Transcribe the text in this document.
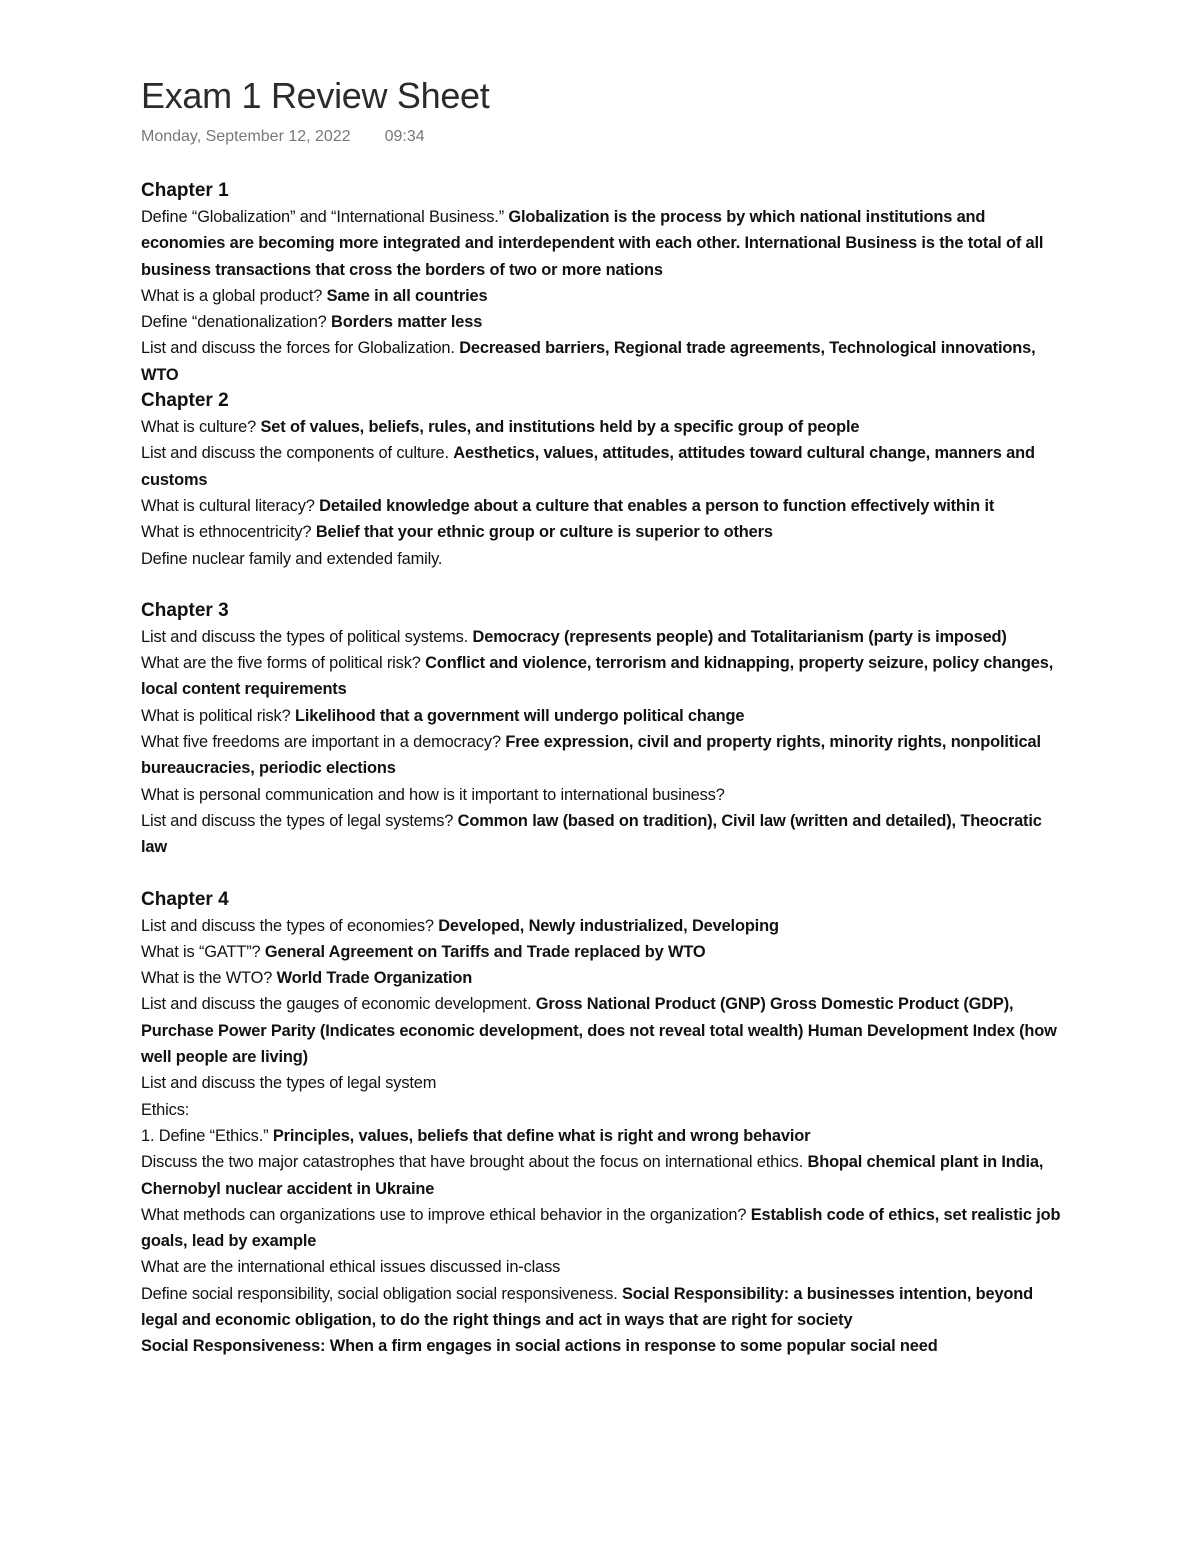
Exam 1 Review Sheet
Monday, September 12, 2022 09:34
Chapter 1

Define “Globalization” and “International Business.” Globalization is the process by which national institutions and economies are becoming more integrated and interdependent with each other. International Business is the total of all business transactions that cross the borders of two or more nations

What is a global product? Same in all countries

Define “denationalization? Borders matter less

List and discuss the forces for Globalization. Decreased barriers, Regional trade agreements, Technological innovations, WTO

Chapter 2

What is culture? Set of values, beliefs, rules, and institutions held by a specific group of people

List and discuss the components of culture. Aesthetics, values, attitudes, attitudes toward cultural change, manners and customs

What is cultural literacy? Detailed knowledge about a culture that enables a person to function effectively within it

What is ethnocentricity? Belief that your ethnic group or culture is superior to others

Define nuclear family and extended family.

Chapter 3

List and discuss the types of political systems. Democracy (represents people) and Totalitarianism (party is imposed)

What are the five forms of political risk? Conflict and violence, terrorism and kidnapping, property seizure, policy changes, local content requirements

What is political risk? Likelihood that a government will undergo political change

What five freedoms are important in a democracy? Free expression, civil and property rights, minority rights, nonpolitical bureaucracies, periodic elections

What is personal communication and how is it important to international business?

List and discuss the types of legal systems? Common law (based on tradition), Civil law (written and detailed), Theocratic law

Chapter 4

List and discuss the types of economies? Developed, Newly industrialized, Developing

What is “GATT”? General Agreement on Tariffs and Trade replaced by WTO

What is the WTO? World Trade Organization

List and discuss the gauges of economic development. Gross National Product (GNP) Gross Domestic Product (GDP), Purchase Power Parity (Indicates economic development, does not reveal total wealth) Human Development Index (how well people are living)

List and discuss the types of legal system

Ethics:

1. Define “Ethics.” Principles, values, beliefs that define what is right and wrong behavior

Discuss the two major catastrophes that have brought about the focus on international ethics. Bhopal chemical plant in India, Chernobyl nuclear accident in Ukraine

What methods can organizations use to improve ethical behavior in the organization? Establish code of ethics, set realistic job goals, lead by example

What are the international ethical issues discussed in-class

Define social responsibility, social obligation social responsiveness. Social Responsibility: a businesses intention, beyond legal and economic obligation, to do the right things and act in ways that are right for society

Social Responsiveness: When a firm engages in social actions in response to some popular social need
